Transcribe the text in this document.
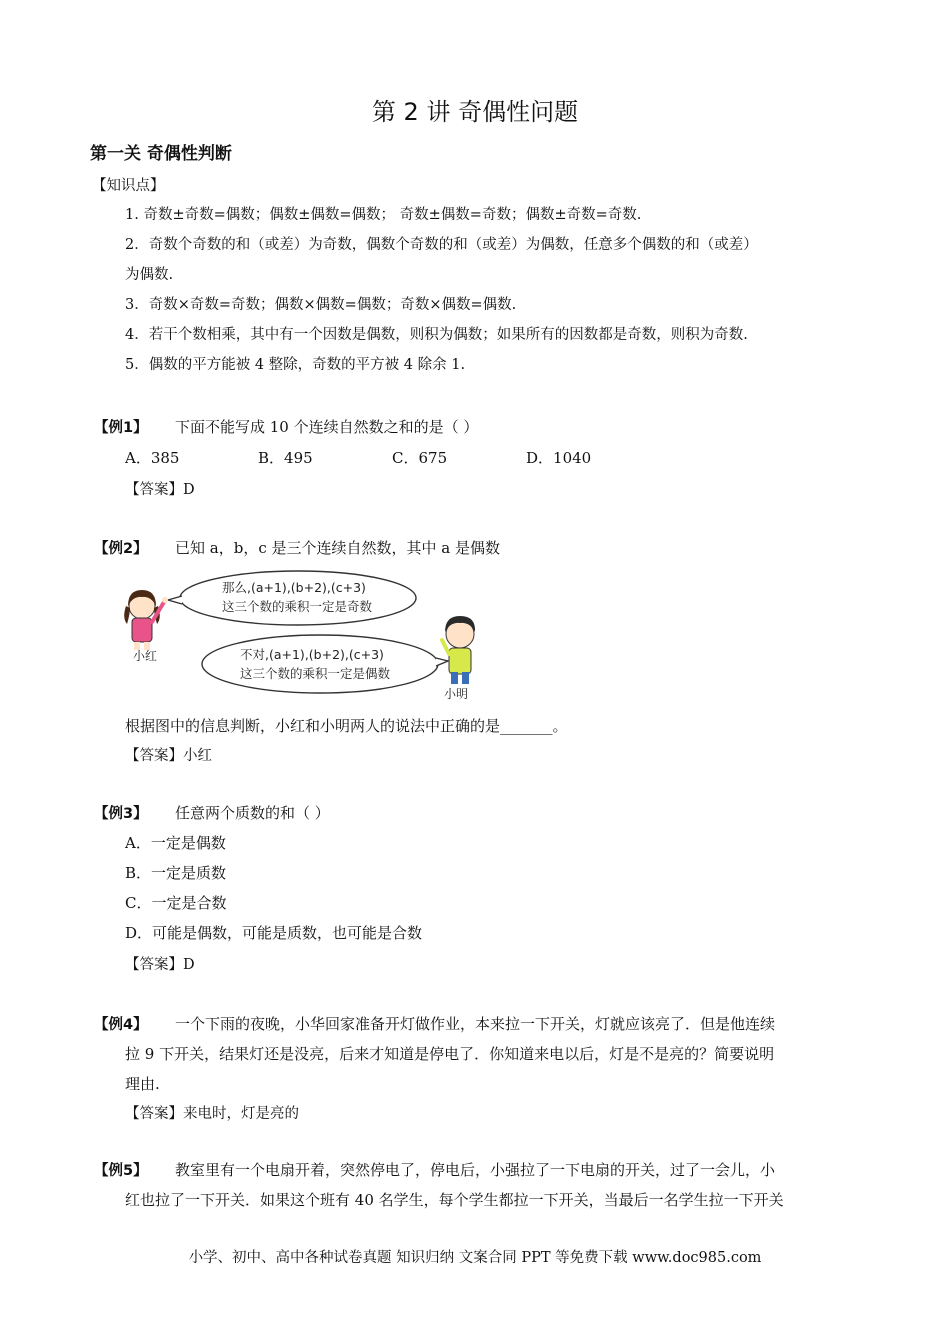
第 2 讲 奇偶性问题
第一关 奇偶性判断
【知识点】
1. 奇数±奇数=偶数；偶数±偶数=偶数； 奇数±偶数=奇数；偶数±奇数=奇数.
2．奇数个奇数的和（或差）为奇数，偶数个奇数的和（或差）为偶数，任意多个偶数的和（或差）
为偶数.
3．奇数×奇数=奇数；偶数×偶数=偶数；奇数×偶数=偶数.
4．若干个数相乘，其中有一个因数是偶数，则积为偶数；如果所有的因数都是奇数，则积为奇数.
5．偶数的平方能被 4 整除，奇数的平方被 4 除余 1.
【例1】 下面不能写成 10 个连续自然数之和的是（ ）
A．385	B．495	C．675	D．1040
【答案】D
【例2】 已知 a，b，c 是三个连续自然数，其中 a 是偶数
那么,(a+1),(b+2),(c+3)
这三个数的乘积一定是奇数
不对,(a+1),(b+2),(c+3)
这三个数的乘积一定是偶数
小红
小明
根据图中的信息判断，小红和小明两人的说法中正确的是_______。
【答案】小红
【例3】 任意两个质数的和（ ）
A．一定是偶数
B．一定是质数
C．一定是合数
D．可能是偶数，可能是质数，也可能是合数
【答案】D
【例4】 一个下雨的夜晚，小华回家准备开灯做作业，本来拉一下开关，灯就应该亮了．但是他连续
拉 9 下开关，结果灯还是没亮，后来才知道是停电了．你知道来电以后，灯是不是亮的？简要说明
理由.
【答案】来电时，灯是亮的
【例5】 教室里有一个电扇开着，突然停电了，停电后，小强拉了一下电扇的开关，过了一会儿，小
红也拉了一下开关．如果这个班有 40 名学生，每个学生都拉一下开关，当最后一名学生拉一下开关
小学、初中、高中各种试卷真题 知识归纳 文案合同 PPT 等免费下载 www.doc985.com
